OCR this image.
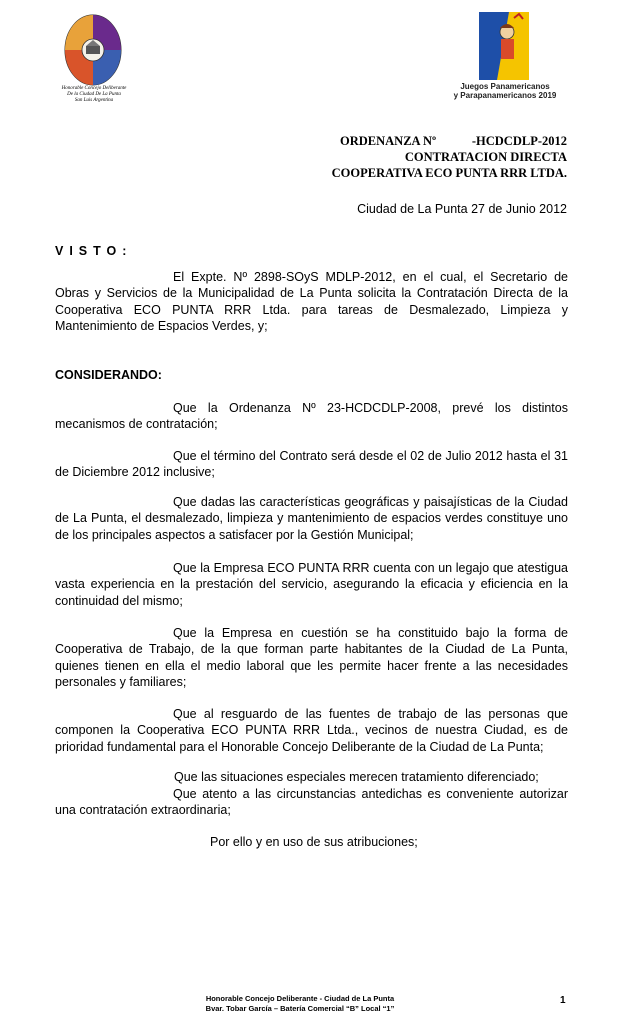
Honorable Concejo Deliberante
De la Ciudad De La Punta
San Luis Argentina
Juegos Panamericanos
y Parapanamericanos 2019
ORDENANZA Nº	-HCDCDLP-2012
CONTRATACION DIRECTA
COOPERATIVA ECO PUNTA RRR LTDA.
Ciudad de La Punta 27 de Junio 2012
VISTO:
El Expte. Nº 2898-SOyS MDLP-2012, en el cual, el Secretario de Obras y Servicios de la Municipalidad de La Punta solicita la Contratación Directa de la Cooperativa ECO PUNTA RRR Ltda. para tareas de Desmalezado, Limpieza y Mantenimiento de Espacios Verdes, y;
CONSIDERANDO:
Que la Ordenanza Nº 23-HCDCDLP-2008, prevé los distintos mecanismos de contratación;
Que el término del Contrato será desde el 02 de Julio 2012 hasta el 31 de Diciembre 2012 inclusive;
Que dadas las características geográficas y paisajísticas de la Ciudad de La Punta, el desmalezado, limpieza y mantenimiento de espacios verdes constituye uno de los principales aspectos a satisfacer por la Gestión Municipal;
Que la Empresa ECO PUNTA RRR cuenta con un legajo que atestigua vasta experiencia en la prestación del servicio, asegurando la eficacia y eficiencia en la continuidad del mismo;
Que la Empresa en cuestión se ha constituido bajo la forma de Cooperativa de Trabajo, de la que forman parte habitantes de la Ciudad de La Punta, quienes tienen en ella el medio laboral que les permite hacer frente a las necesidades personales y familiares;
Que al resguardo de las fuentes de trabajo de las personas que componen la Cooperativa ECO PUNTA RRR Ltda., vecinos de nuestra Ciudad, es de prioridad fundamental para el Honorable Concejo Deliberante de la Ciudad de La Punta;
Que las situaciones especiales merecen tratamiento diferenciado;
Que atento a las circunstancias antedichas es conveniente autorizar una contratación extraordinaria;
Por ello y en uso de sus atribuciones;
Honorable Concejo Deliberante - Ciudad de La Punta
Bvar. Tobar García – Batería Comercial “B” Local “1”
1
